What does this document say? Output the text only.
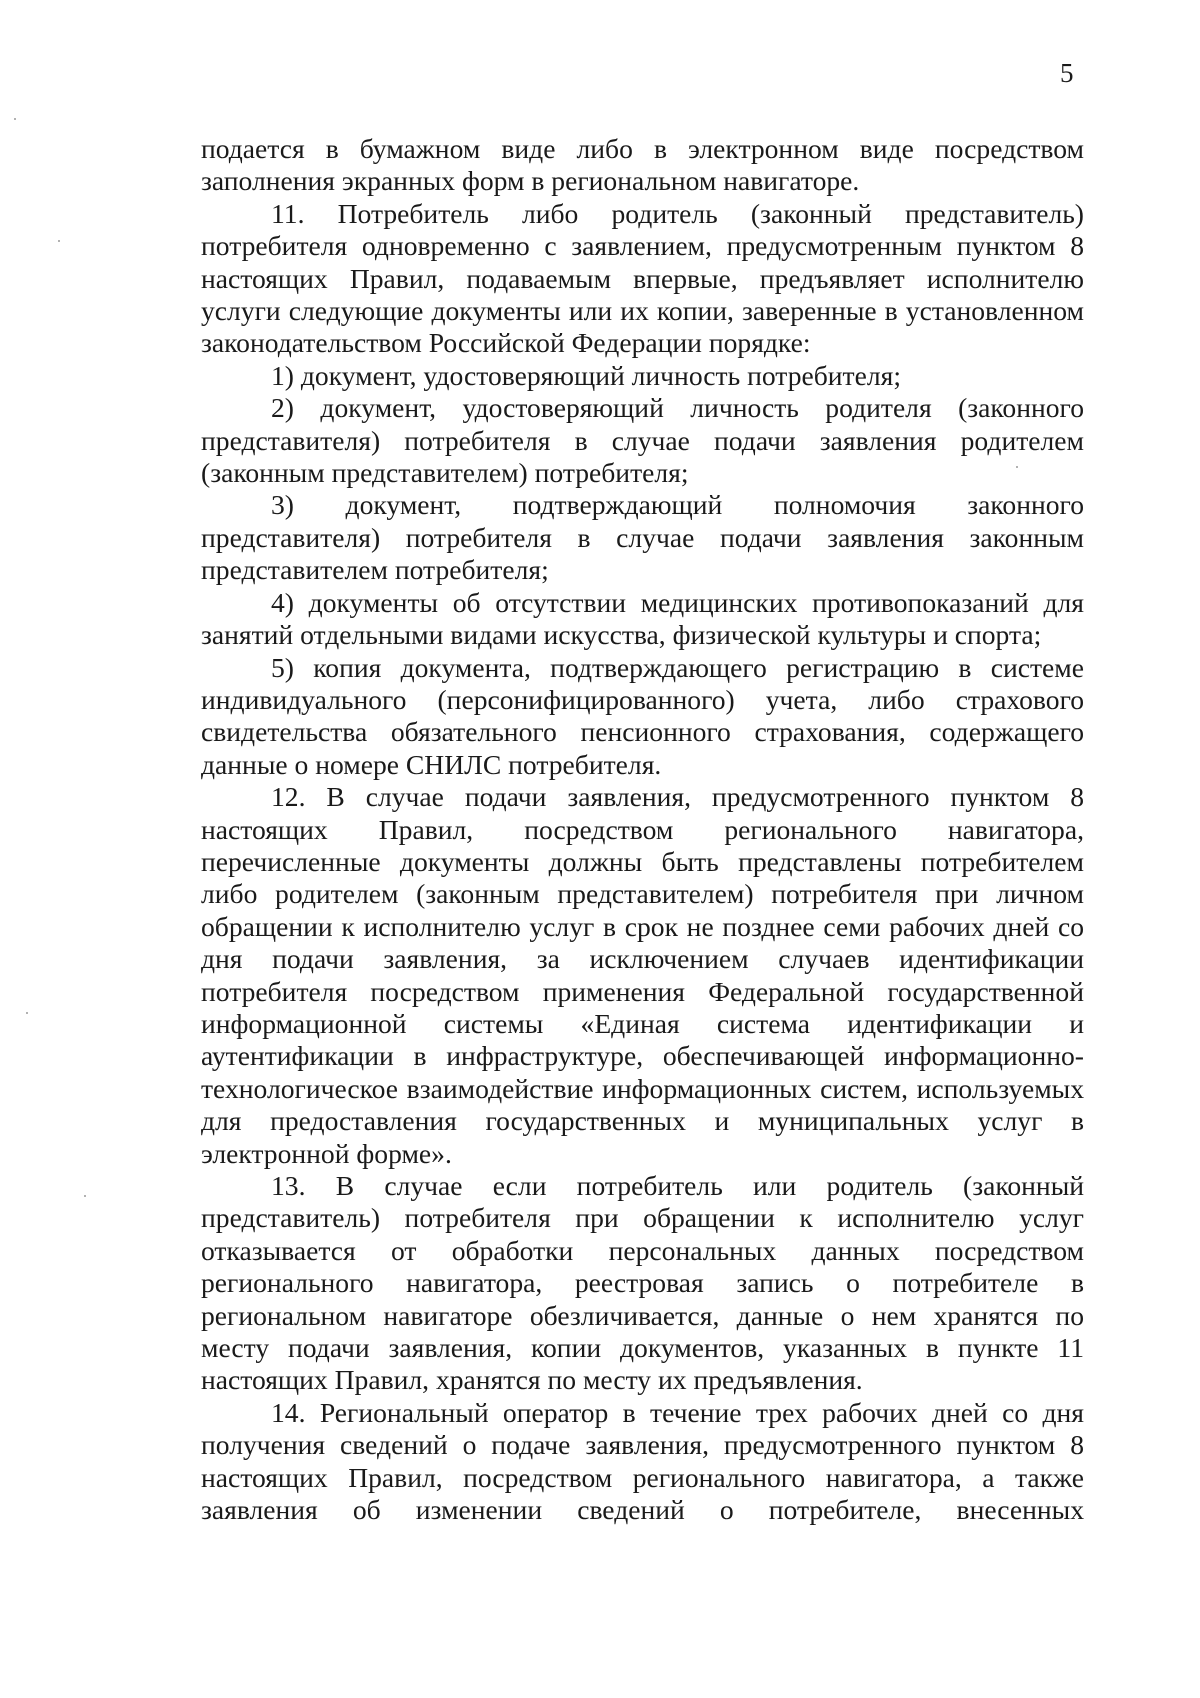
5

подается в бумажном виде либо в электронном виде посредством заполнения экранных форм в региональном навигаторе.

11. Потребитель либо родитель (законный представитель) потребителя одновременно с заявлением, предусмотренным пунктом 8 настоящих Правил, подаваемым впервые, предъявляет исполнителю услуги следующие документы или их копии, заверенные в установленном законодательством Российской Федерации порядке:

1) документ, удостоверяющий личность потребителя;

2) документ, удостоверяющий личность родителя (законного представителя) потребителя в случае подачи заявления родителем (законным представителем) потребителя;

3) документ, подтверждающий полномочия законного представителя) потребителя в случае подачи заявления законным представителем потребителя;

4) документы об отсутствии медицинских противопоказаний для занятий отдельными видами искусства, физической культуры и спорта;

5) копия документа, подтверждающего регистрацию в системе индивидуального (персонифицированного) учета, либо страхового свидетельства обязательного пенсионного страхования, содержащего данные о номере СНИЛС потребителя.

12. В случае подачи заявления, предусмотренного пунктом 8 настоящих Правил, посредством регионального навигатора, перечисленные документы должны быть представлены потребителем либо родителем (законным представителем) потребителя при личном обращении к исполнителю услуг в срок не позднее семи рабочих дней со дня подачи заявления, за исключением случаев идентификации потребителя посредством применения Федеральной государственной информационной системы «Единая система идентификации и аутентификации в инфраструктуре, обеспечивающей информационно-технологическое взаимодействие информационных систем, используемых для предоставления государственных и муниципальных услуг в электронной форме».

13. В случае если потребитель или родитель (законный представитель) потребителя при обращении к исполнителю услуг отказывается от обработки персональных данных посредством регионального навигатора, реестровая запись о потребителе в региональном навигаторе обезличивается, данные о нем хранятся по месту подачи заявления, копии документов, указанных в пункте 11 настоящих Правил, хранятся по месту их предъявления.

14. Региональный оператор в течение трех рабочих дней со дня получения сведений о подаче заявления, предусмотренного пунктом 8 настоящих Правил, посредством регионального навигатора, а также заявления об изменении сведений о потребителе, внесенных
